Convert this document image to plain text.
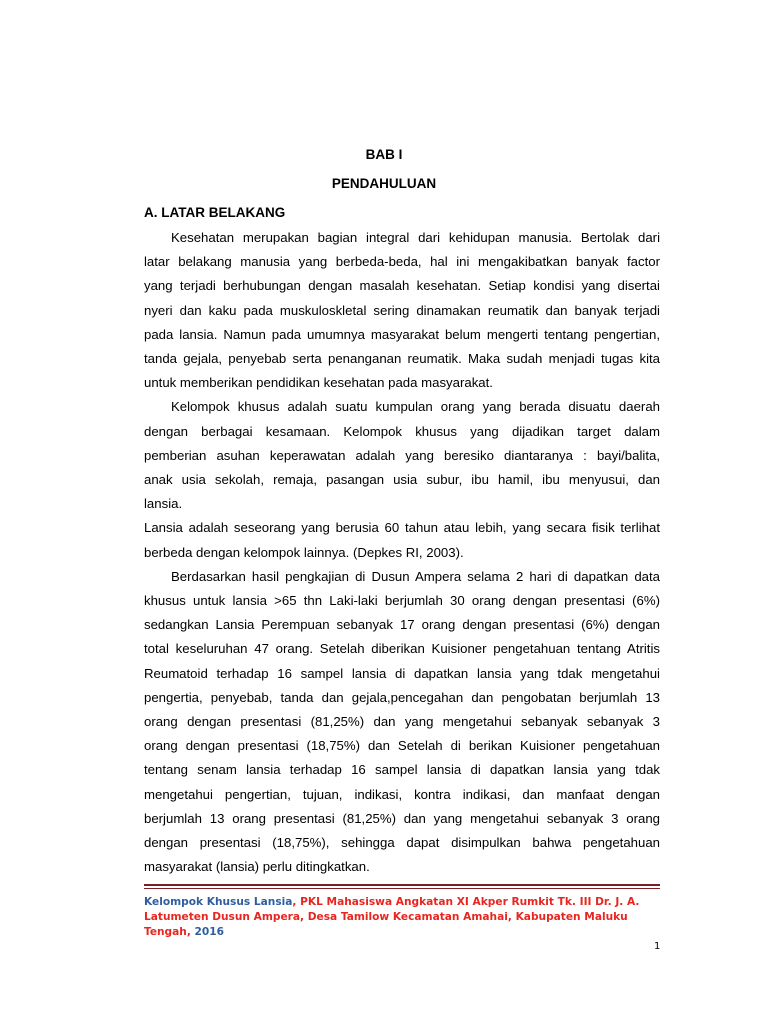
BAB I
PENDAHULUAN
A. LATAR BELAKANG
Kesehatan merupakan bagian integral dari kehidupan manusia. Bertolak dari
latar belakang manusia yang berbeda-beda, hal ini mengakibatkan banyak factor
yang terjadi berhubungan dengan masalah kesehatan. Setiap kondisi yang disertai
nyeri dan kaku pada muskuloskletal sering dinamakan reumatik dan banyak terjadi
pada lansia. Namun pada umumnya masyarakat belum mengerti tentang pengertian,
tanda gejala, penyebab serta penanganan reumatik. Maka sudah menjadi tugas kita
untuk memberikan pendidikan kesehatan pada masyarakat.
Kelompok khusus adalah suatu kumpulan orang yang berada disuatu daerah
dengan berbagai kesamaan. Kelompok khusus yang dijadikan target dalam
pemberian asuhan keperawatan adalah yang beresiko diantaranya : bayi/balita,
anak usia sekolah, remaja, pasangan usia subur, ibu hamil, ibu menyusui, dan
lansia.
Lansia adalah seseorang yang berusia 60 tahun atau lebih, yang secara fisik terlihat
berbeda dengan kelompok lainnya. (Depkes RI, 2003).
Berdasarkan hasil pengkajian di Dusun Ampera selama 2 hari di dapatkan data
khusus untuk lansia >65 thn Laki-laki berjumlah 30 orang dengan presentasi (6%)
sedangkan Lansia Perempuan sebanyak 17 orang dengan presentasi (6%) dengan
total keseluruhan 47 orang. Setelah diberikan Kuisioner pengetahuan tentang Atritis
Reumatoid terhadap 16 sampel lansia di dapatkan lansia yang tdak mengetahui
pengertia, penyebab, tanda dan gejala,pencegahan dan pengobatan berjumlah 13
orang dengan presentasi (81,25%) dan yang mengetahui sebanyak sebanyak 3
orang dengan presentasi (18,75%) dan Setelah di berikan Kuisioner pengetahuan
tentang senam lansia terhadap 16 sampel lansia di dapatkan lansia yang tdak
mengetahui pengertian, tujuan, indikasi, kontra indikasi, dan manfaat dengan
berjumlah 13 orang presentasi (81,25%) dan yang mengetahui sebanyak 3 orang
dengan presentasi (18,75%), sehingga dapat disimpulkan bahwa pengetahuan
masyarakat (lansia) perlu ditingkatkan.
Kelompok Khusus Lansia, PKL Mahasiswa Angkatan XI Akper Rumkit Tk. III Dr. J. A. Latumeten Dusun Ampera, Desa Tamilow Kecamatan Amahai, Kabupaten Maluku Tengah, 2016
1
